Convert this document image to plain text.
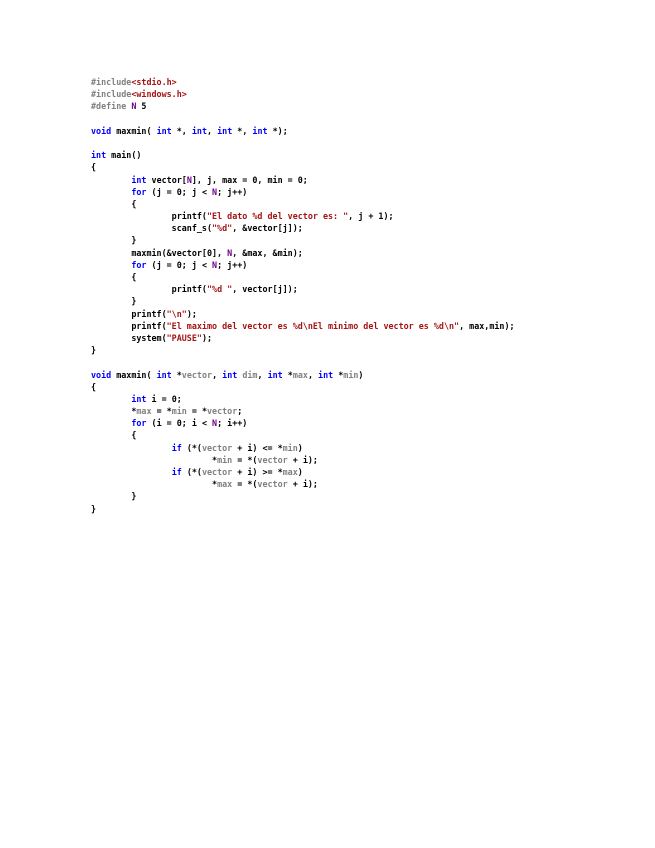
#include<stdio.h>
#include<windows.h>
#define N 5
void maxmin( int *, int, int *, int *);
int main()
{
int vector[N], j, max = 0, min = 0;
for (j = 0; j < N; j++)
{
printf("El dato %d del vector es: ", j + 1);
scanf_s("%d", &vector[j]);
}
maxmin(&vector[0], N, &max, &min);
for (j = 0; j < N; j++)
{
printf("%d ", vector[j]);
}
printf("\n");
printf("El maximo del vector es %d\nEl minimo del vector es %d\n", max,min);
system("PAUSE");
}
void maxmin( int *vector, int dim, int *max, int *min)
{
int i = 0;
*max = *min = *vector;
for (i = 0; i < N; i++)
{
if (*(vector + i) <= *min)
*min = *(vector + i);
if (*(vector + i) >= *max)
*max = *(vector + i);
}
}
